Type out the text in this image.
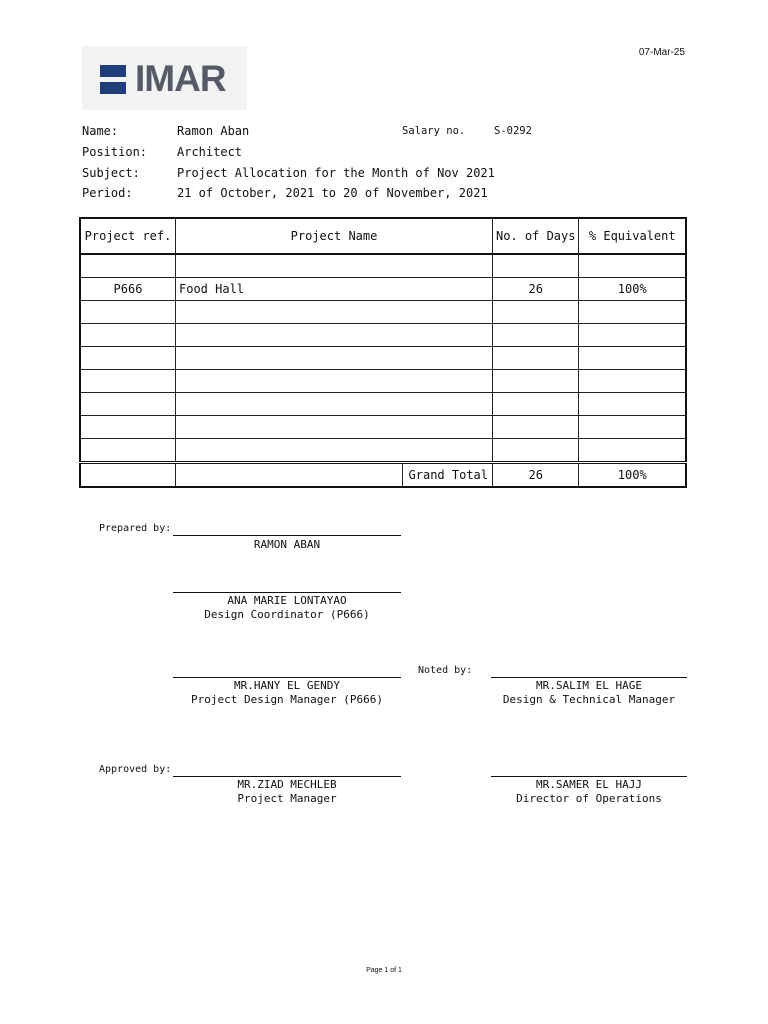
07-Mar-25
IMAR
Name:	Ramon Aban	Salary no.	S-0292
Position: Architect
Subject:	Project Allocation for the Month of Nov 2021
Period:	21 of October, 2021 to 20 of November, 2021
Project ref.	Project Name	No. of Days	% Equivalent

P666	Food Hall	26	100%

	Grand Total	26	100%
Prepared by:
RAMON ABAN
ANA MARIE LONTAYAO
Design Coordinator (P666)
MR.HANY EL GENDY
Project Design Manager (P666)
Noted by:
MR.SALIM EL HAGE
Design & Technical Manager
Approved by:
MR.ZIAD MECHLEB
Project Manager
MR.SAMER EL HAJJ
Director of Operations
Page 1 of 1
